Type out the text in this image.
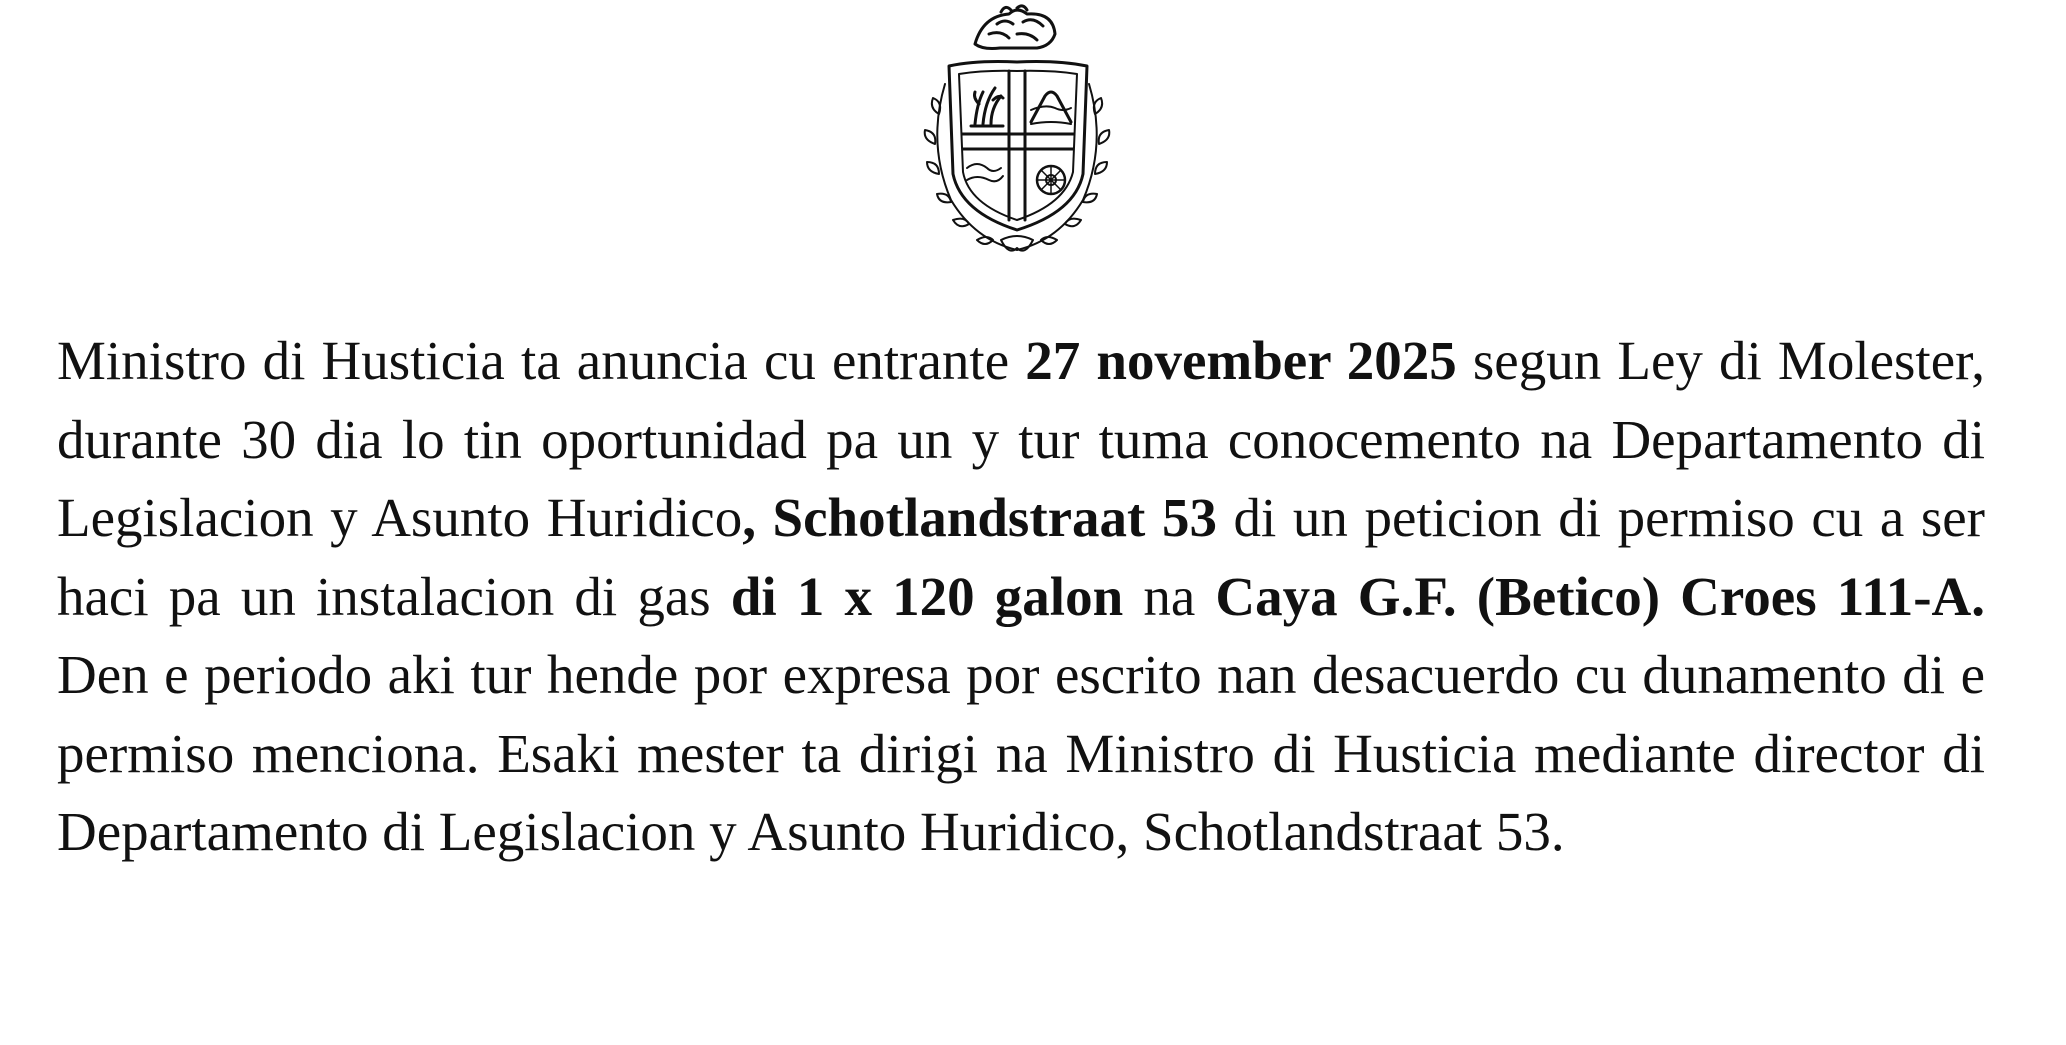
Ministro di Husticia ta anuncia cu entrante 27 november 2025 segun Ley di Molester, durante 30 dia lo tin oportunidad pa un y tur tuma conocemento na Departamento di Legislacion y Asunto Huridico, Schotlandstraat 53 di un peticion di permiso cu a ser haci pa un instalacion di gas di 1 x 120 galon na Caya G.F. (Betico) Croes 111-A. Den e periodo aki tur hende por expresa por escrito nan desacuerdo cu dunamento di e permiso menciona. Esaki mester ta dirigi na Ministro di Husticia mediante director di Departamento di Legislacion y Asunto Huridico, Schotlandstraat 53.
